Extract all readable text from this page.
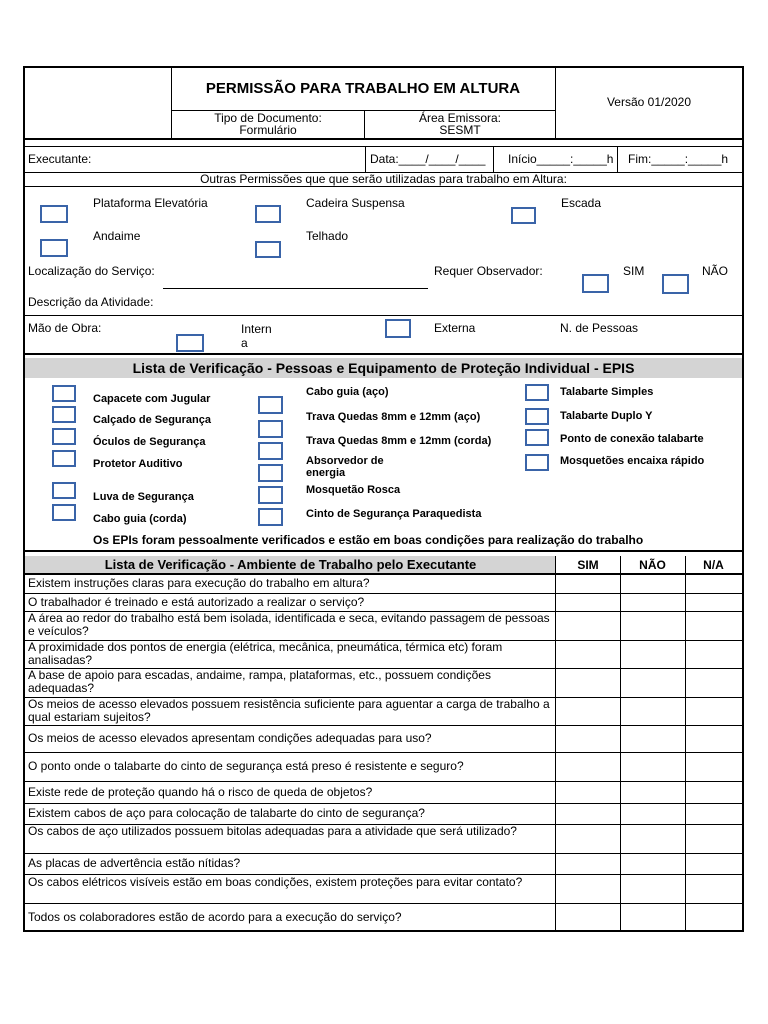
PERMISSÃO PARA TRABALHO EM ALTURA
Tipo de Documento:
Formulário
Área Emissora:
SESMT
Versão 01/2020
Executante:	Data:____/____/____ Início_____:_____h Fim:_____:_____h
Outras Permissões que que serão utilizadas para trabalho em Altura:
Plataforma Elevatória	Cadeira Suspensa	Escada
Andaime	Telhado
Localização do Serviço:	Requer Observador:	SIM	NÃO
Descrição da Atividade:
Mão de Obra:	Intern
a
Externa	N. de Pessoas
Lista de Verificação - Pessoas e Equipamento de Proteção Individual - EPIS
Capacete com Jugular
Calçado de Segurança
Óculos de Segurança
Protetor Auditivo
Luva de Segurança
Cabo guia (corda)
Cabo guia (aço)
Trava Quedas 8mm e 12mm (aço)
Trava Quedas 8mm e 12mm (corda)
Absorvedor de energia
Mosquetão Rosca
Cinto de Segurança Paraquedista
Talabarte Simples
Talabarte Duplo Y
Ponto de conexão talabarte
Mosquetões encaixa rápido
Os EPIs foram pessoalmente verificados e estão em boas condições para realização do trabalho
Lista de Verificação - Ambiente de Trabalho pelo Executante	SIM	NÃO	N/A
Existem instruções claras para execução do trabalho em altura?
O trabalhador é treinado e está autorizado a realizar o serviço?
A área ao redor do trabalho está bem isolada, identificada e seca, evitando passagem de pessoas e veículos?
A proximidade dos pontos de energia (elétrica, mecânica, pneumática, térmica etc) foram analisadas?
A base de apoio para escadas, andaime, rampa, plataformas, etc., possuem condições adequadas?
Os meios de acesso elevados possuem resistência suficiente para aguentar a carga de trabalho a qual estariam sujeitos?
Os meios de acesso elevados apresentam condições adequadas para uso?
O ponto onde o talabarte do cinto de segurança está preso é resistente e seguro?
Existe rede de proteção quando há o risco de queda de objetos?
Existem cabos de aço para colocação de talabarte do cinto de segurança?
Os cabos de aço utilizados possuem bitolas adequadas para a atividade que será utilizado?
As placas de advertência estão nítidas?
Os cabos elétricos visíveis estão em boas condições, existem proteções para evitar contato?
Todos os colaboradores estão de acordo para a execução do serviço?
